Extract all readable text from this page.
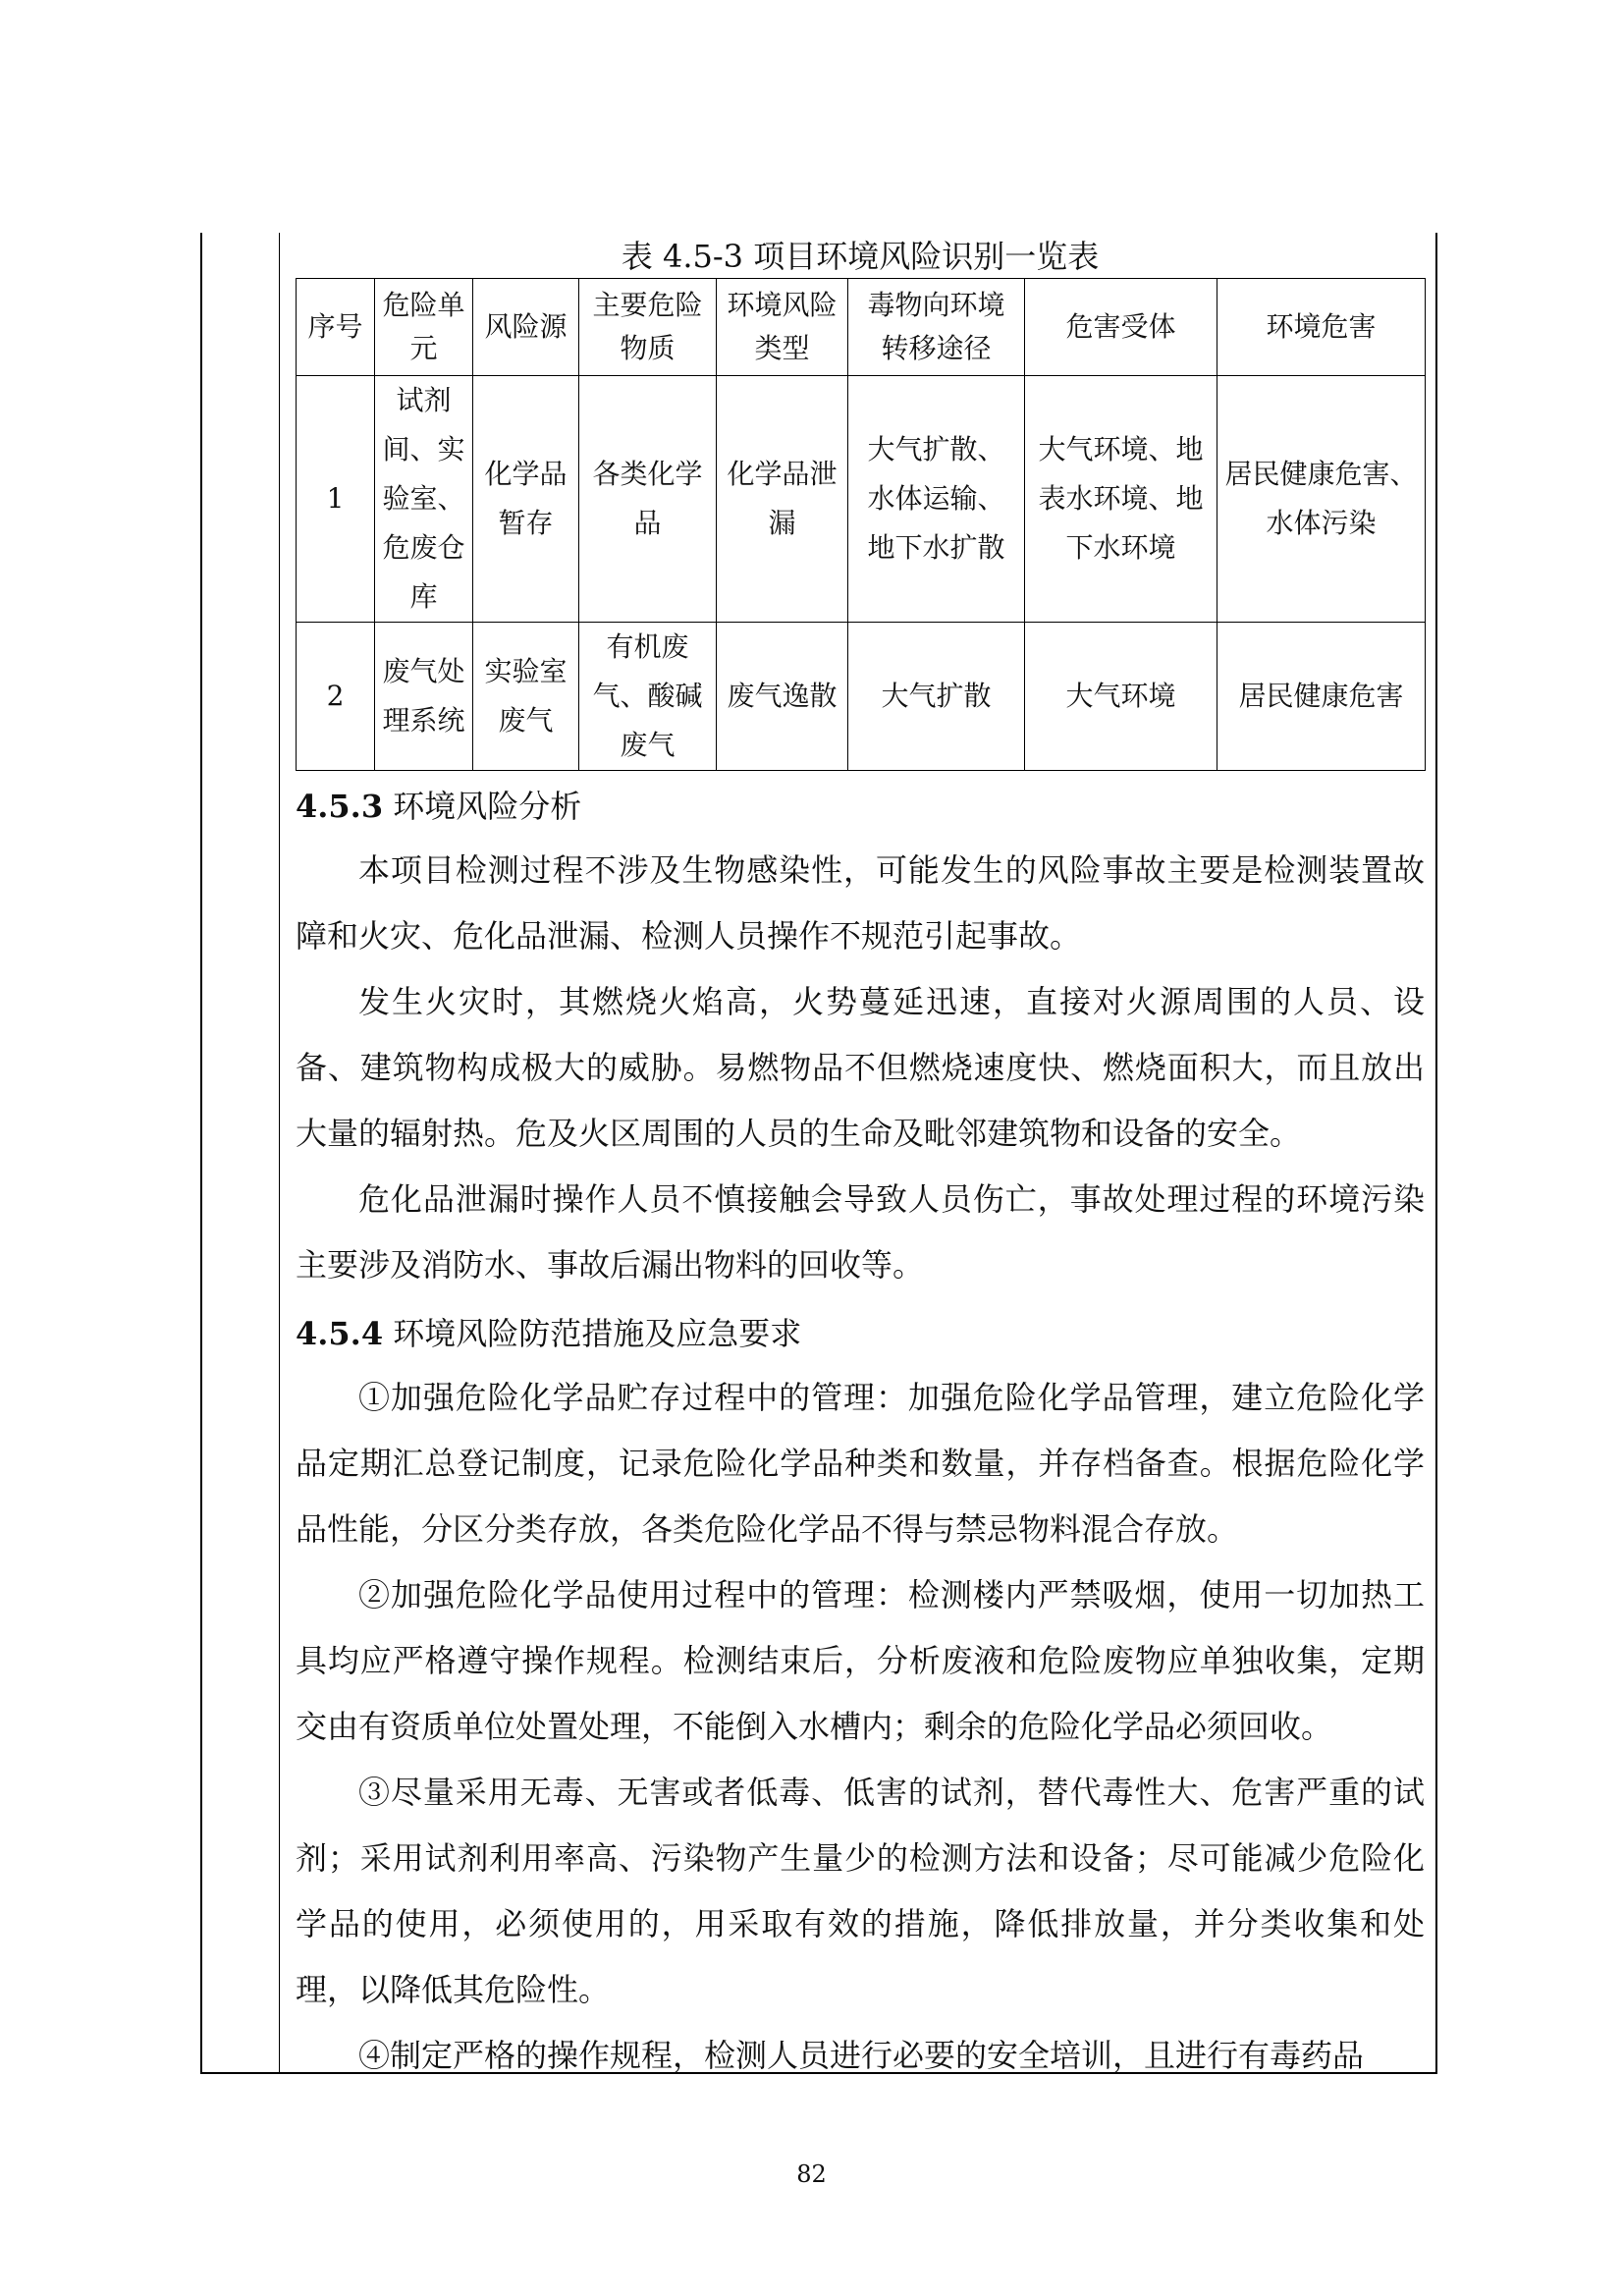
表 4.5-3 项目环境风险识别一览表
序号	危险单元	风险源	主要危险物质	环境风险类型	毒物向环境转移途径	危害受体	环境危害
1	试剂间、实验室、危废仓库	化学品暂存	各类化学品	化学品泄漏	大气扩散、水体运输、地下水扩散	大气环境、地表水环境、地下水环境	居民健康危害、水体污染
2	废气处理系统	实验室废气	有机废气、酸碱废气	废气逸散	大气扩散	大气环境	居民健康危害
4.5.3 环境风险分析

本项目检测过程不涉及生物感染性，可能发生的风险事故主要是检测装置故障和火灾、危化品泄漏、检测人员操作不规范引起事故。

发生火灾时，其燃烧火焰高，火势蔓延迅速，直接对火源周围的人员、设备、建筑物构成极大的威胁。易燃物品不但燃烧速度快、燃烧面积大，而且放出大量的辐射热。危及火区周围的人员的生命及毗邻建筑物和设备的安全。

危化品泄漏时操作人员不慎接触会导致人员伤亡，事故处理过程的环境污染主要涉及消防水、事故后漏出物料的回收等。

4.5.4 环境风险防范措施及应急要求

①加强危险化学品贮存过程中的管理：加强危险化学品管理，建立危险化学品定期汇总登记制度，记录危险化学品种类和数量，并存档备查。根据危险化学品性能，分区分类存放，各类危险化学品不得与禁忌物料混合存放。

②加强危险化学品使用过程中的管理：检测楼内严禁吸烟，使用一切加热工具均应严格遵守操作规程。检测结束后，分析废液和危险废物应单独收集，定期交由有资质单位处置处理，不能倒入水槽内；剩余的危险化学品必须回收。

③尽量采用无毒、无害或者低毒、低害的试剂，替代毒性大、危害严重的试剂；采用试剂利用率高、污染物产生量少的检测方法和设备；尽可能减少危险化学品的使用，必须使用的，用采取有效的措施，降低排放量，并分类收集和处理，以降低其危险性。

④制定严格的操作规程，检测人员进行必要的安全培训，且进行有毒药品

82
